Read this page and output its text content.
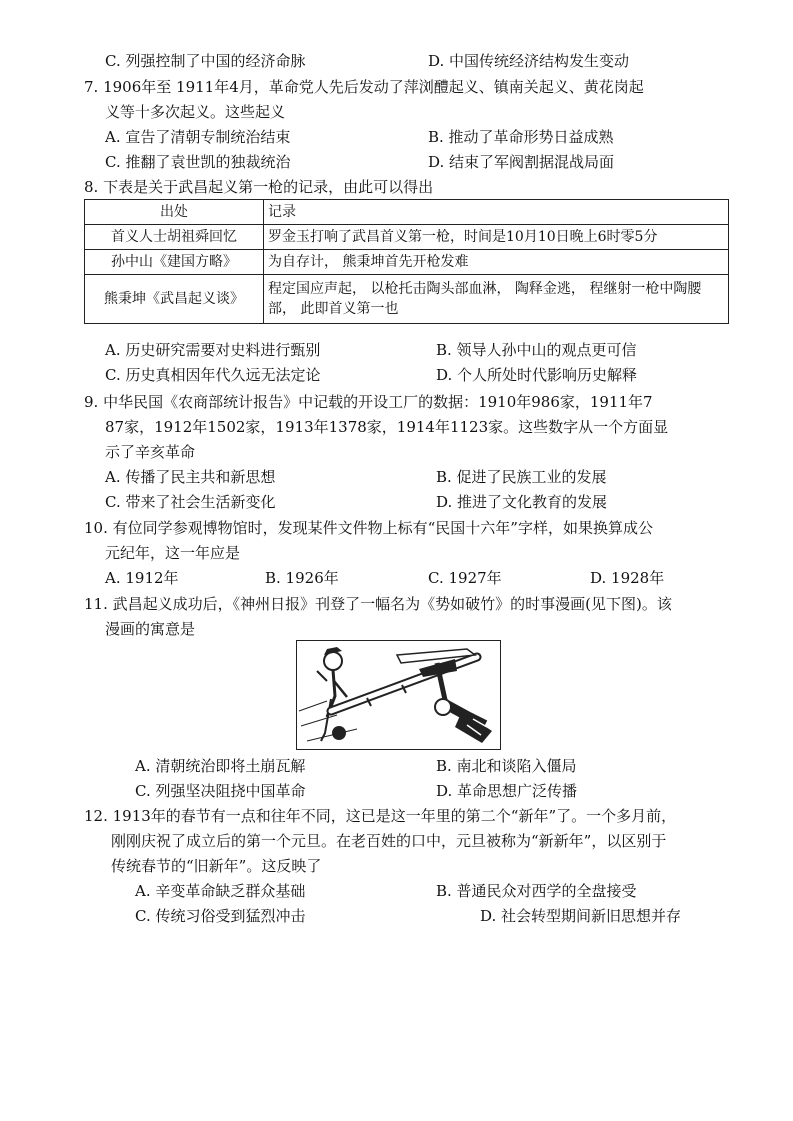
C. 列强控制了中国的经济命脉	D. 中国传统经济结构发生变动
7. 1906年至 1911年4月，革命党人先后发动了萍浏醴起义、镇南关起义、黄花岗起
义等十多次起义。这些起义
A. 宣告了清朝专制统治结束	B. 推动了革命形势日益成熟
C. 推翻了袁世凯的独裁统治	D. 结束了军阀割据混战局面
8. 下表是关于武昌起义第一枪的记录，由此可以得出
出处	记录
首义人士胡祖舜回忆	罗金玉打响了武昌首义第一枪，时间是10月10日晚上6时零5分
孙中山《建国方略》	为自存计， 熊秉坤首先开枪发难
熊秉坤《武昌起义谈》	程定国应声起， 以枪托击陶头部血淋， 陶释金逃， 程继射一枪中陶腰部， 此即首义第一也
A. 历史研究需要对史料进行甄别	B. 领导人孙中山的观点更可信
C. 历史真相因年代久远无法定论	D. 个人所处时代影响历史解释
9. 中华民国《农商部统计报告》中记载的开设工厂的数据：1910年986家，1911年7
87家，1912年1502家，1913年1378家，1914年1123家。这些数字从一个方面显
示了辛亥革命
A. 传播了民主共和新思想	B. 促进了民族工业的发展
C. 带来了社会生活新变化	D. 推进了文化教育的发展
10. 有位同学参观博物馆时，发现某件文件物上标有“民国十六年”字样，如果换算成公
元纪年，这一年应是
A. 1912年	B. 1926年	C. 1927年	D. 1928年
11. 武昌起义成功后，《神州日报》刊登了一幅名为《势如破竹》的时事漫画(见下图)。该
漫画的寓意是
A. 清朝统治即将土崩瓦解	B. 南北和谈陷入僵局
C. 列强坚决阻挠中国革命	D. 革命思想广泛传播
12. 1913年的春节有一点和往年不同，这已是这一年里的第二个“新年”了。一个多月前，
刚刚庆祝了成立后的第一个元旦。在老百姓的口中，元旦被称为“新新年”，以区别于
传统春节的“旧新年”。这反映了
A. 辛变革命缺乏群众基础	B. 普通民众对西学的全盘接受
C. 传统习俗受到猛烈冲击	D. 社会转型期间新旧思想并存
